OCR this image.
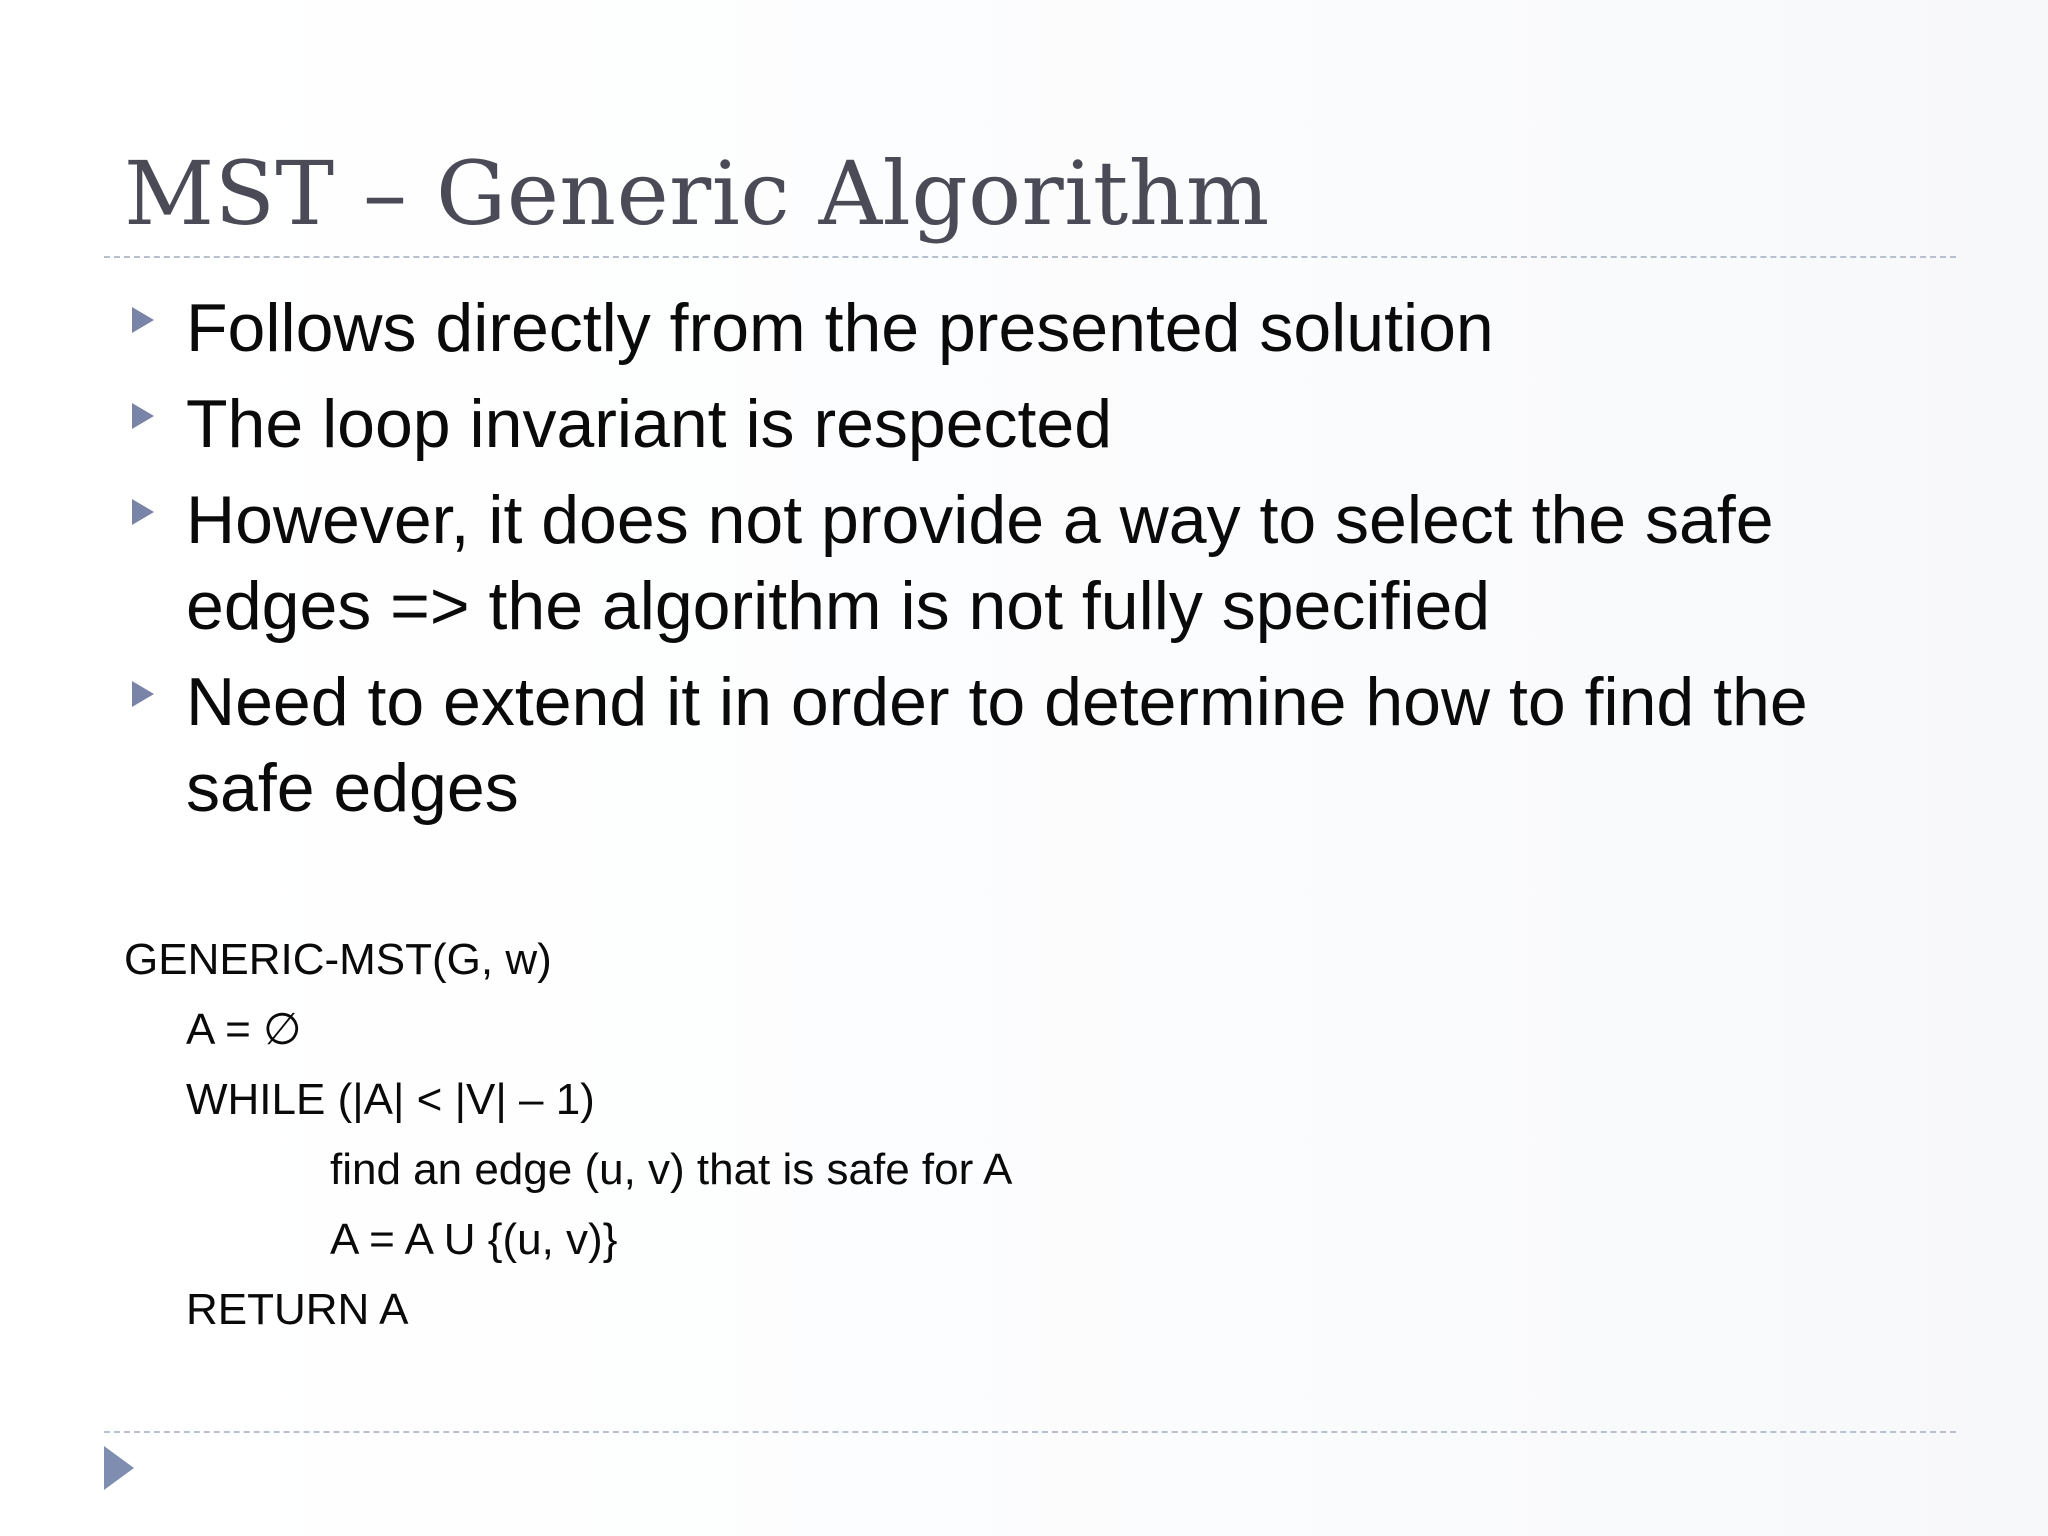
MST – Generic Algorithm
Follows directly from the presented solution
The loop invariant is respected
However, it does not provide a way to select the safe edges => the algorithm is not fully specified
Need to extend it in order to determine how to find the safe edges
GENERIC-MST(G, w)
A = ∅
WHILE (|A| < |V| – 1)
find an edge (u, v) that is safe for A
A = A U {(u, v)}
RETURN A
